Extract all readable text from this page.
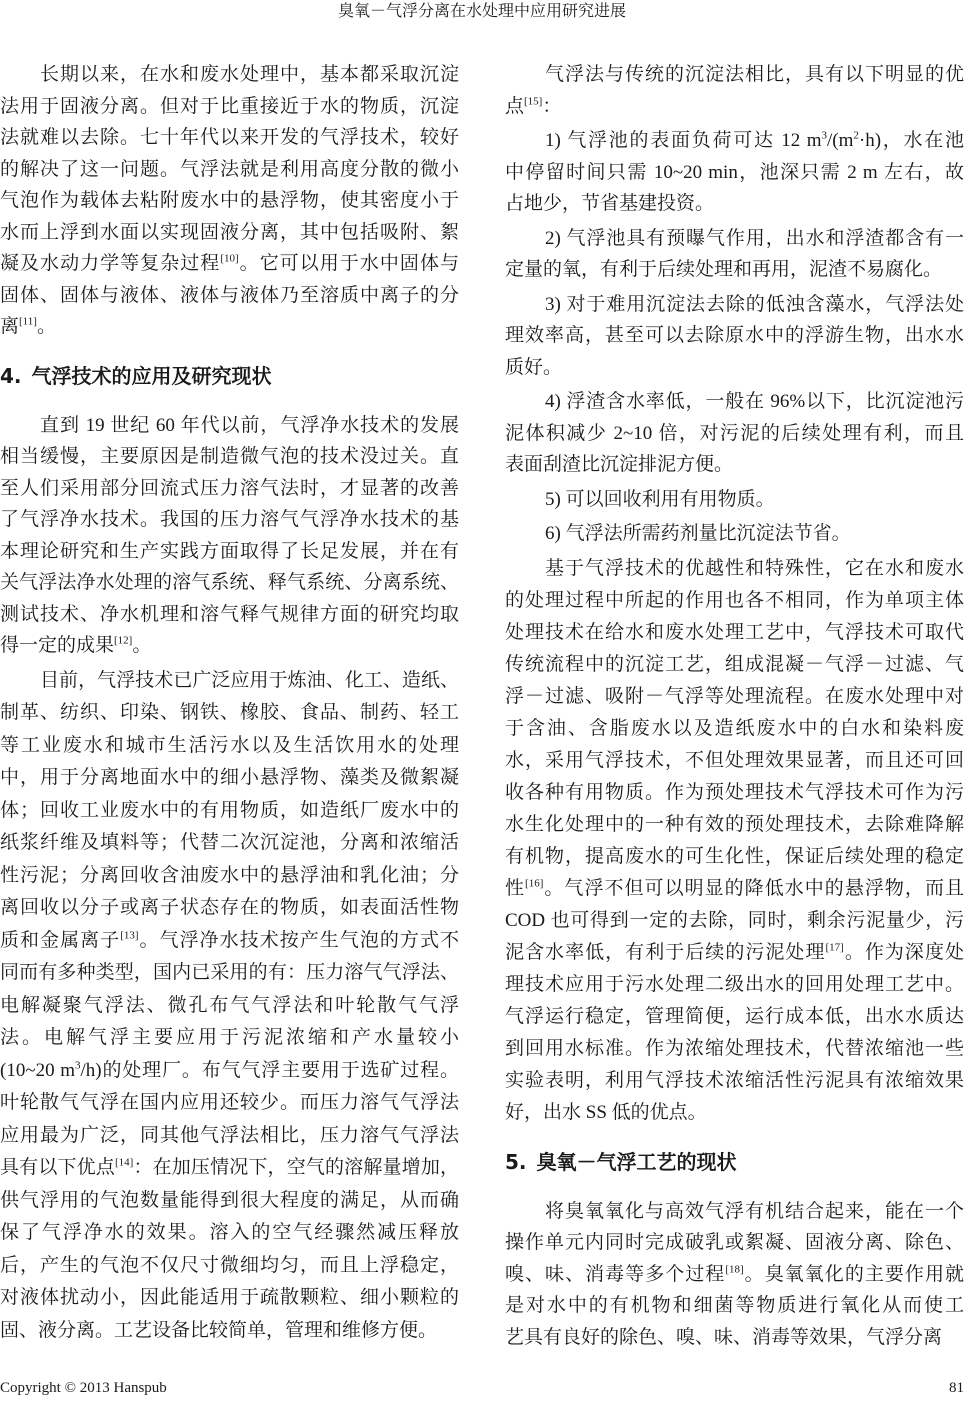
臭氧－气浮分离在水处理中应用研究进展
长期以来，在水和废水处理中，基本都采取沉淀
法用于固液分离。但对于比重接近于水的物质，沉淀
法就难以去除。七十年代以来开发的气浮技术，较好
的解决了这一问题。气浮法就是利用高度分散的微小
气泡作为载体去粘附废水中的悬浮物，使其密度小于
水而上浮到水面以实现固液分离，其中包括吸附、絮
凝及水动力学等复杂过程[10]。它可以用于水中固体与
固体、固体与液体、液体与液体乃至溶质中离子的分
离[11]。
4. 气浮技术的应用及研究现状
直到 19 世纪 60 年代以前，气浮净水技术的发展
相当缓慢，主要原因是制造微气泡的技术没过关。直
至人们采用部分回流式压力溶气法时，才显著的改善
了气浮净水技术。我国的压力溶气气浮净水技术的基
本理论研究和生产实践方面取得了长足发展，并在有
关气浮法净水处理的溶气系统、释气系统、分离系统、
测试技术、净水机理和溶气释气规律方面的研究均取
得一定的成果[12]。
目前，气浮技术已广泛应用于炼油、化工、造纸、
制革、纺织、印染、钢铁、橡胶、食品、制药、轻工
等工业废水和城市生活污水以及生活饮用水的处理
中，用于分离地面水中的细小悬浮物、藻类及微絮凝
体；回收工业废水中的有用物质，如造纸厂废水中的
纸浆纤维及填料等；代替二次沉淀池，分离和浓缩活
性污泥；分离回收含油废水中的悬浮油和乳化油；分
离回收以分子或离子状态存在的物质，如表面活性物
质和金属离子[13]。气浮净水技术按产生气泡的方式不
同而有多种类型，国内已采用的有：压力溶气气浮法、
电解凝聚气浮法、微孔布气气浮法和叶轮散气气浮
法。电解气浮主要应用于污泥浓缩和产水量较小
(10~20 $m^3/h$)的处理厂。布气气浮主要用于选矿过程。
叶轮散气气浮在国内应用还较少。而压力溶气气浮法
应用最为广泛，同其他气浮法相比，压力溶气气浮法
具有以下优点[14]：在加压情况下，空气的溶解量增加，
供气浮用的气泡数量能得到很大程度的满足，从而确
保了气浮净水的效果。溶入的空气经骤然减压释放
后，产生的气泡不仅尺寸微细均匀，而且上浮稳定，
对液体扰动小，因此能适用于疏散颗粒、细小颗粒的
固、液分离。工艺设备比较简单，管理和维修方便。
气浮法与传统的沉淀法相比，具有以下明显的优
点[15]：
1) 气浮池的表面负荷可达 12 $m^3/(m^2\cdot h)$，水在池
中停留时间只需 10~20 min，池深只需 2 m 左右，故
占地少，节省基建投资。
2) 气浮池具有预曝气作用，出水和浮渣都含有一
定量的氧，有利于后续处理和再用，泥渣不易腐化。
3) 对于难用沉淀法去除的低浊含藻水，气浮法处
理效率高，甚至可以去除原水中的浮游生物，出水水
质好。
4) 浮渣含水率低，一般在 96%以下，比沉淀池污
泥体积减少 2~10 倍，对污泥的后续处理有利，而且
表面刮渣比沉淀排泥方便。
5) 可以回收利用有用物质。
6) 气浮法所需药剂量比沉淀法节省。
基于气浮技术的优越性和特殊性，它在水和废水
的处理过程中所起的作用也各不相同，作为单项主体
处理技术在给水和废水处理工艺中，气浮技术可取代
传统流程中的沉淀工艺，组成混凝－气浮－过滤、气
浮－过滤、吸附－气浮等处理流程。在废水处理中对
于含油、含脂废水以及造纸废水中的白水和染料废
水，采用气浮技术，不但处理效果显著，而且还可回
收各种有用物质。作为预处理技术气浮技术可作为污
水生化处理中的一种有效的预处理技术，去除难降解
有机物，提高废水的可生化性，保证后续处理的稳定
性[16]。气浮不但可以明显的降低水中的悬浮物，而且
COD 也可得到一定的去除，同时，剩余污泥量少，污
泥含水率低，有利于后续的污泥处理[17]。作为深度处
理技术应用于污水处理二级出水的回用处理工艺中。
气浮运行稳定，管理简便，运行成本低，出水水质达
到回用水标准。作为浓缩处理技术，代替浓缩池一些
实验表明，利用气浮技术浓缩活性污泥具有浓缩效果
好，出水 SS 低的优点。
5. 臭氧－气浮工艺的现状
将臭氧氧化与高效气浮有机结合起来，能在一个
操作单元内同时完成破乳或絮凝、固液分离、除色、
嗅、味、消毒等多个过程[18]。臭氧氧化的主要作用就
是对水中的有机物和细菌等物质进行氧化从而使工
艺具有良好的除色、嗅、味、消毒等效果，气浮分离
Copyright © 2013 Hanspub	81
